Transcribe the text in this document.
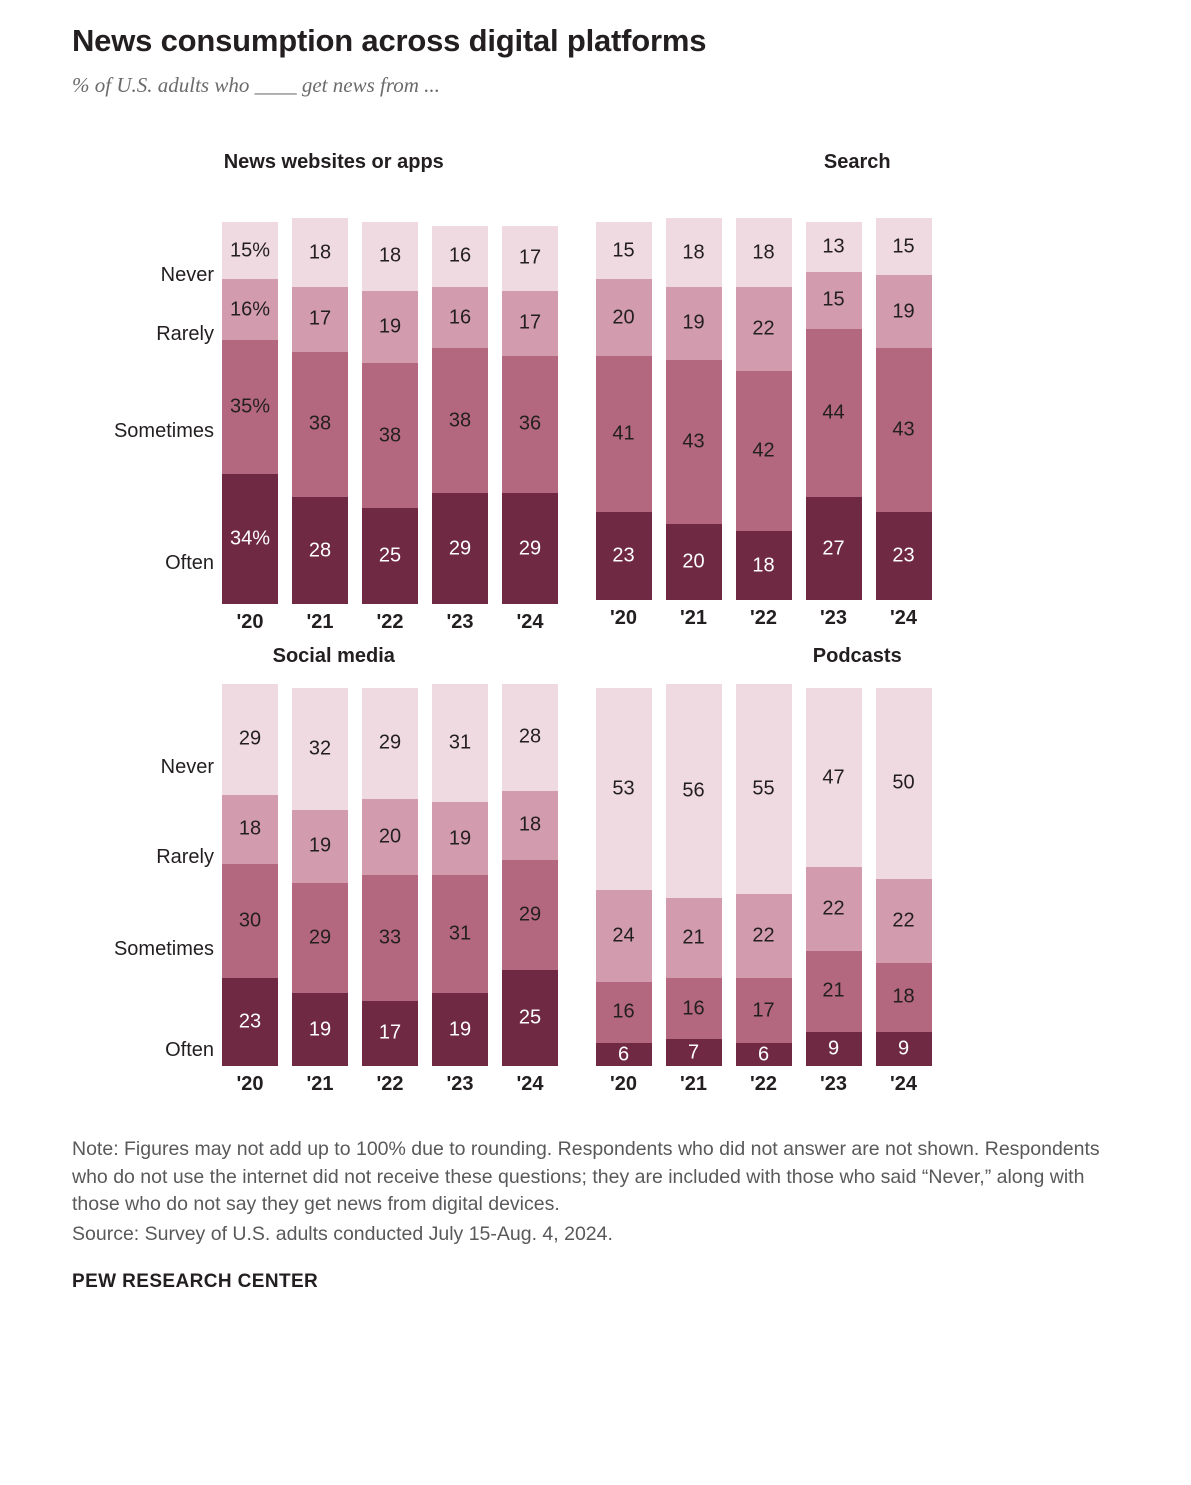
News consumption across digital platforms
% of U.S. adults who ____ get news from ...
News websites or apps
Never
Rarely
Sometimes
Often
15%
16%
35%
34%
18
17
38
28
18
19
38
25
16
16
38
29
17
17
36
29
'20	'21	'22	'23	'24
Search
15
20
41
23
18
19
43
20
18
22
42
18
13
15
44
27
15
19
43
23
'20	'21	'22	'23	'24
Social media
Never
Rarely
Sometimes
Often
29
18
30
23
32
19
29
19
29
20
33
17
31
19
31
19
28
18
29
25
'20	'21	'22	'23	'24
Podcasts
53
24
16
6
56
21
16
7
55
22
17
6
47
22
21
9
50
22
18
9
'20	'21	'22	'23	'24
Note: Figures may not add up to 100% due to rounding. Respondents who did not answer are not shown. Respondents who do not use the internet did not receive these questions; they are included with those who said “Never,” along with those who do not say they get news from digital devices.
Source: Survey of U.S. adults conducted July 15-Aug. 4, 2024.
PEW RESEARCH CENTER
